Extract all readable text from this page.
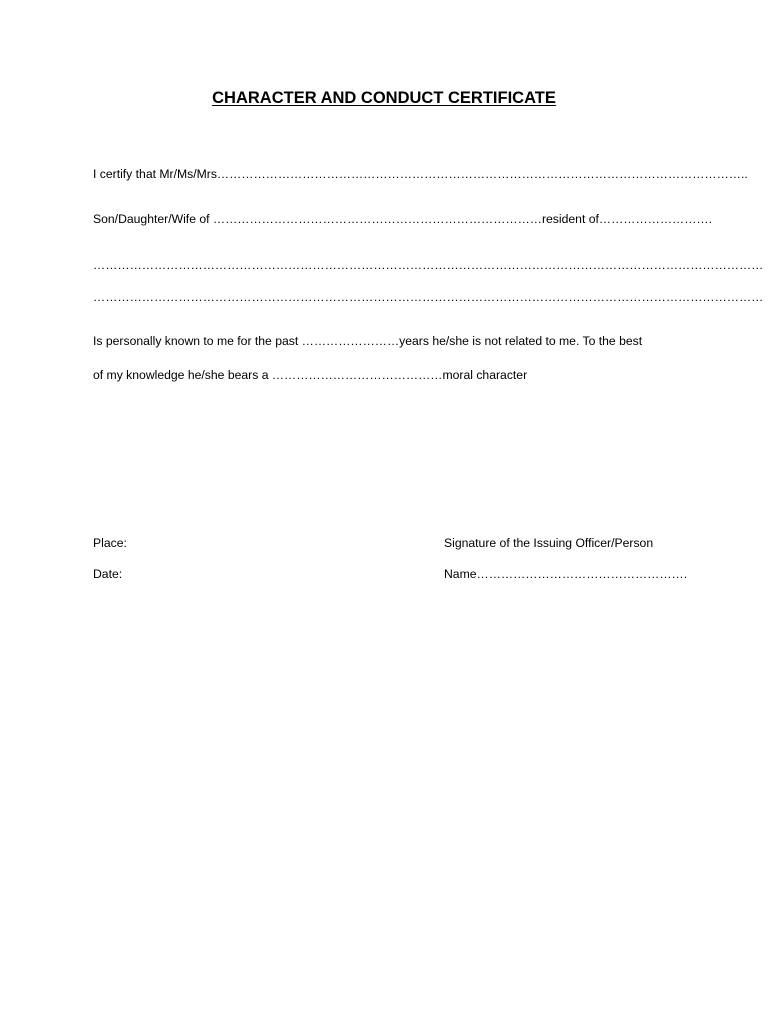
CHARACTER AND CONDUCT CERTIFICATE
I certify that Mr/Ms/Mrs…………………………………………………………………………………………………………………..
Son/Daughter/Wife of ………………………………………………………………………resident of……………………….
…………………………………………………………………………………………………………………………………………………
…………………………………………………………………………………………………………………………………………………
Is personally known to me for the past ……………………years he/she is not related to me. To the best
of my knowledge he/she bears a ……………………………………moral character
Place:
Date:
Signature of the Issuing Officer/Person
Name…………………………………………….
